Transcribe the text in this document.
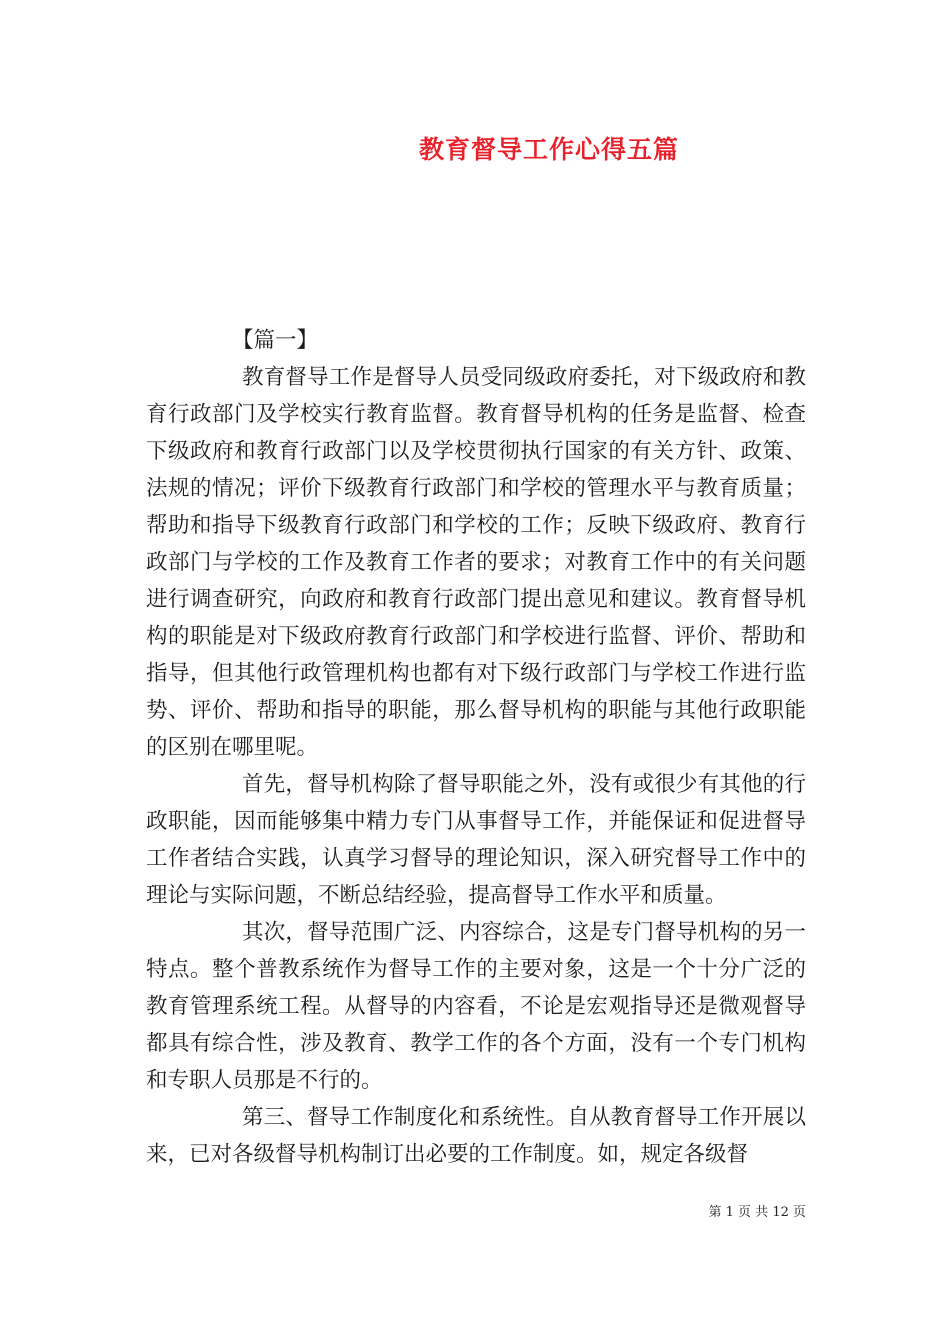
教育督导工作心得五篇

【篇一】

教育督导工作是督导人员受同级政府委托，对下级政府和教育行政部门及学校实行教育监督。教育督导机构的任务是监督、检查下级政府和教育行政部门以及学校贯彻执行国家的有关方针、政策、法规的情况；评价下级教育行政部门和学校的管理水平与教育质量；帮助和指导下级教育行政部门和学校的工作；反映下级政府、教育行政部门与学校的工作及教育工作者的要求；对教育工作中的有关问题进行调查研究，向政府和教育行政部门提出意见和建议。教育督导机构的职能是对下级政府教育行政部门和学校进行监督、评价、帮助和指导，但其他行政管理机构也都有对下级行政部门与学校工作进行监势、评价、帮助和指导的职能，那么督导机构的职能与其他行政职能的区别在哪里呢。

首先，督导机构除了督导职能之外，没有或很少有其他的行政职能，因而能够集中精力专门从事督导工作，并能保证和促进督导工作者结合实践，认真学习督导的理论知识，深入研究督导工作中的理论与实际问题，不断总结经验，提高督导工作水平和质量。

其次，督导范围广泛、内容综合，这是专门督导机构的另一特点。整个普教系统作为督导工作的主要对象，这是一个十分广泛的教育管理系统工程。从督导的内容看，不论是宏观指导还是微观督导都具有综合性，涉及教育、教学工作的各个方面，没有一个专门机构和专职人员那是不行的。

第三、督导工作制度化和系统性。自从教育督导工作开展以来，已对各级督导机构制订出必要的工作制度。如，规定各级督

第 1 页 共 12 页
